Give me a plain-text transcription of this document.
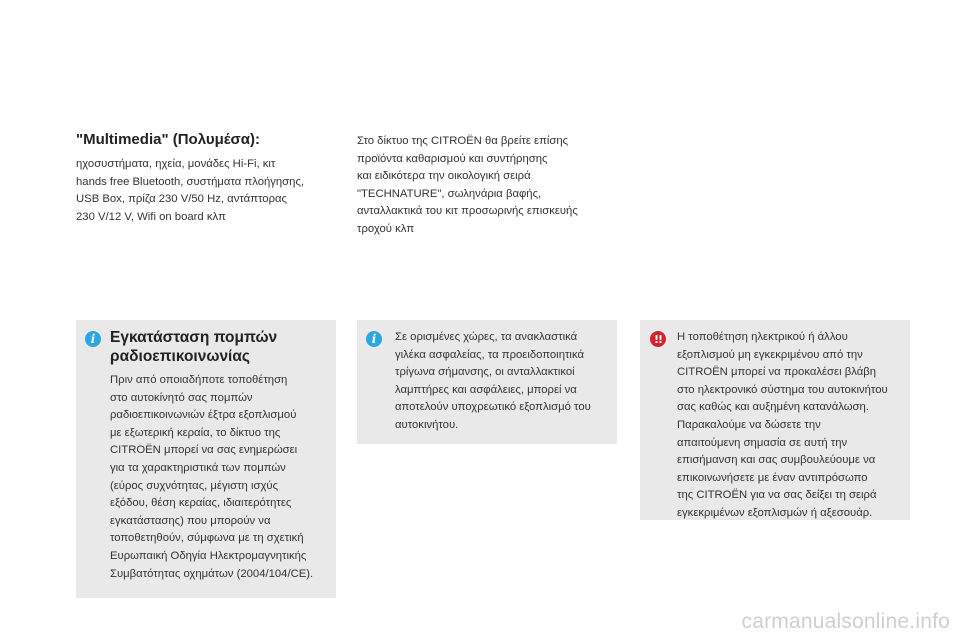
"Multimedia" (Πολυμέσα):
ηχοσυστήματα, ηχεία, μονάδες Hi-Fi, κιτ
hands free Bluetooth, συστήματα πλοήγησης,
USB Box, πρίζα 230 V/50 Hz, αντάπτορας
230 V/12 V, Wifi on board κλπ
Στο δίκτυο της CITROËN θα βρείτε επίσης
προϊόντα καθαρισμού και συντήρησης
και ειδικότερα την οικολογική σειρά
"TECHNATURE", σωληνάρια βαφής,
ανταλλακτικά του κιτ προσωρινής επισκευής
τροχού κλπ
i Εγκατάσταση πομπών
ραδιοεπικοινωνίας
Πριν από οποιαδήποτε τοποθέτηση
στο αυτοκίνητό σας πομπών
ραδιοεπικοινωνιών έξτρα εξοπλισμού
με εξωτερική κεραία, το δίκτυο της
CITROËN μπορεί να σας ενημερώσει
για τα χαρακτηριστικά των πομπών
(εύρος συχνότητας, μέγιστη ισχύς
εξόδου, θέση κεραίας, ιδιαιτερότητες
εγκατάστασης) που μπορούν να
τοποθετηθούν, σύμφωνα με τη σχετική
Ευρωπαική Οδηγία Ηλεκτρομαγνητικής
Συμβατότητας οχημάτων (2004/104/CE).
i	Σε ορισμένες χώρες, τα ανακλαστικά
γιλέκα ασφαλείας, τα προειδοποιητικά
τρίγωνα σήμανσης, οι ανταλλακτικοί
λαμπτήρες και ασφάλειες, μπορεί να
αποτελούν υποχρεωτικό εξοπλισμό του
αυτοκινήτου.
!!	Η τοποθέτηση ηλεκτρικού ή άλλου
εξοπλισμού μη εγκεκριμένου από την
CITROËN μπορεί να προκαλέσει βλάβη
στο ηλεκτρονικό σύστημα του αυτοκινήτου
σας καθώς και αυξημένη κατανάλωση.
Παρακαλούμε να δώσετε την
απαιτούμενη σημασία σε αυτή την
επισήμανση και σας συμβουλεύουμε να
επικοινωνήσετε με έναν αντιπρόσωπο
της CITROËN για να σας δείξει τη σειρά
εγκεκριμένων εξοπλισμών ή αξεσουάρ.
carmanualsonline.info
